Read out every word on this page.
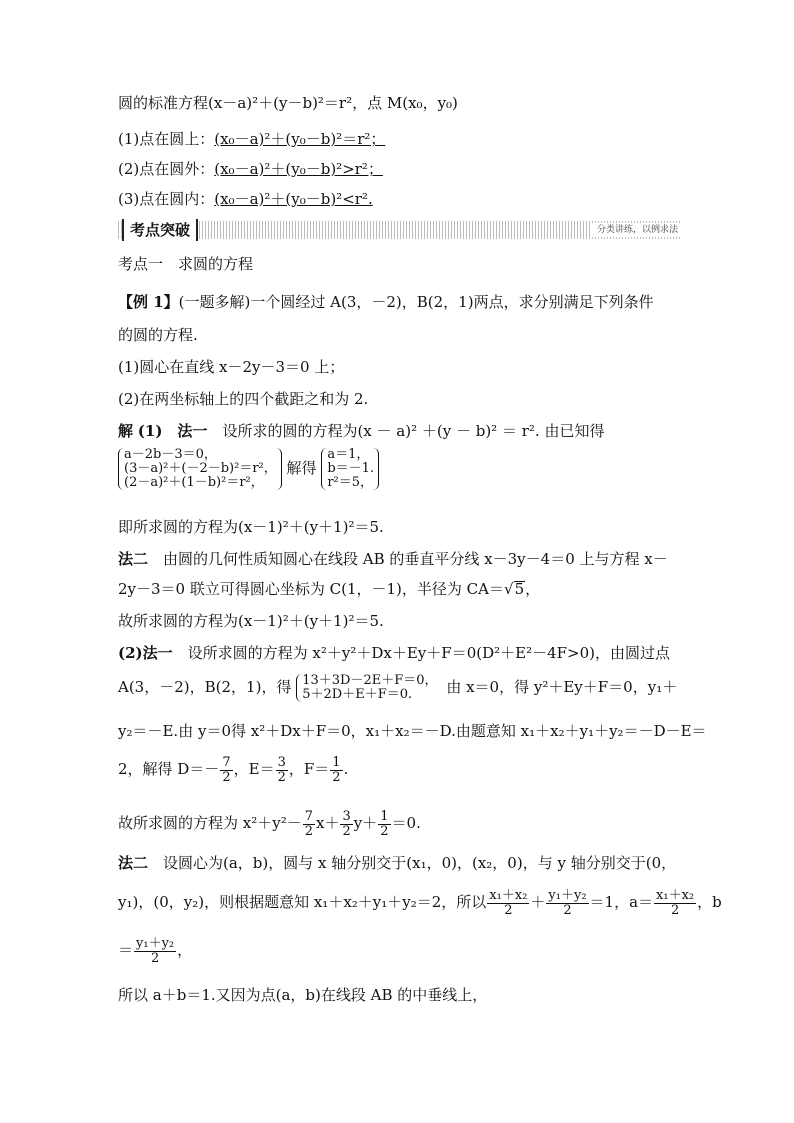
圆的标准方程(x－a)²＋(y－b)²＝r²，点 M(x₀，y₀)
(1)点在圆上：(x₀－a)²＋(y₀－b)²＝r²；
(2)点在圆外：(x₀－a)²＋(y₀－b)²>r²；
(3)点在圆内：(x₀－a)²＋(y₀－b)²<r².
考点突破	分类讲练，以例求法
考点一　求圆的方程
【例 1】(一题多解)一个圆经过 A(3，－2)，B(2，1)两点，求分别满足下列条件
的圆的方程.
(1)圆心在直线 x－2y－3＝0 上；
(2)在两坐标轴上的四个截距之和为 2.
解 (1)　法一　设所求的圆的方程为(x － a)² ＋(y － b)² ＝ r². 由已知得
a－2b－3＝0，
(3－a)²＋(－2－b)²＝r²，
(2－a)²＋(1－b)²＝r²，
解得
a＝1，
b＝－1.
r²＝5，
即所求圆的方程为(x－1)²＋(y＋1)²＝5.
法二　由圆的几何性质知圆心在线段 AB 的垂直平分线 x－3y－4＝0 上与方程 x－
2y－3＝0 联立可得圆心坐标为 C(1，－1)，半径为 CA＝√5，
故所求圆的方程为(x－1)²＋(y＋1)²＝5.
(2)法一　设所求圆的方程为 x²＋y²＋Dx＋Ey＋F＝0(D²＋E²－4F>0)，由圆过点
A(3，－2)，B(2，1)，得 13＋3D－2E＋F＝0，
5＋2D＋E＋F＝0.	由 x＝0，得 y²＋Ey＋F＝0，y₁＋
y₂＝－E.由 y＝0得 x²＋Dx＋F＝0，x₁＋x₂＝－D.由题意知 x₁＋x₂＋y₁＋y₂＝－D－E＝
2，解得 $D=- \frac{7}{2}$ ，$E= \frac{3}{2}$ ，$F= \frac{1}{2}$ .
故所求圆的方程为 $x^2+y^2- \frac{7}{2} x+ \frac{3}{2} y+ \frac{1}{2} =0$.
法二　设圆心为(a，b)，圆与 x 轴分别交于(x₁，0)，(x₂，0)，与 y 轴分别交于(0，
y₁)，(0，y₂)，则根据题意知 x₁＋x₂＋y₁＋y₂＝2，所以 $\frac{\text{x₁＋x₂}}{2} + \frac{\text{y₁＋y₂}}{2} =1$，$a= \frac{\text{x₁＋x₂}}{2}$ ，b
＝ $\frac{\text{y₁＋y₂}}{2}$ ，
所以 a＋b＝1.又因为点(a，b)在线段 AB 的中垂线上，
